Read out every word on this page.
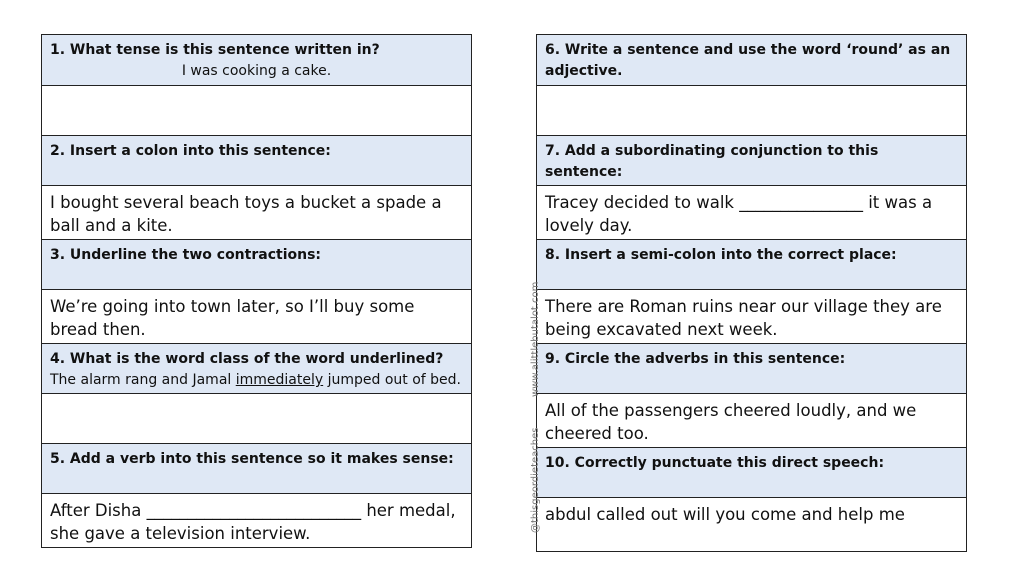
1. What tense is this sentence written in?
I was cooking a cake.
2. Insert a colon into this sentence:
I bought several beach toys a bucket a spade a ball and a kite.
3. Underline the two contractions:
We’re going into town later, so I’ll buy some bread then.
4. What is the word class of the word underlined?
The alarm rang and Jamal immediately jumped out of bed.
5. Add a verb into this sentence so it makes sense:
After Disha __________________________ her medal, she gave a television interview.
6. Write a sentence and use the word ‘round’ as an adjective.
7. Add a subordinating conjunction to this sentence:
Tracey decided to walk _______________ it was a lovely day.
8. Insert a semi-colon into the correct place:
There are Roman ruins near our village they are being excavated next week.
9. Circle the adverbs in this sentence:
All of the passengers cheered loudly, and we cheered too.
10. Correctly punctuate this direct speech:
abdul called out will you come and help me
www.alittlebutalot.com
@thisgeordieteaches
